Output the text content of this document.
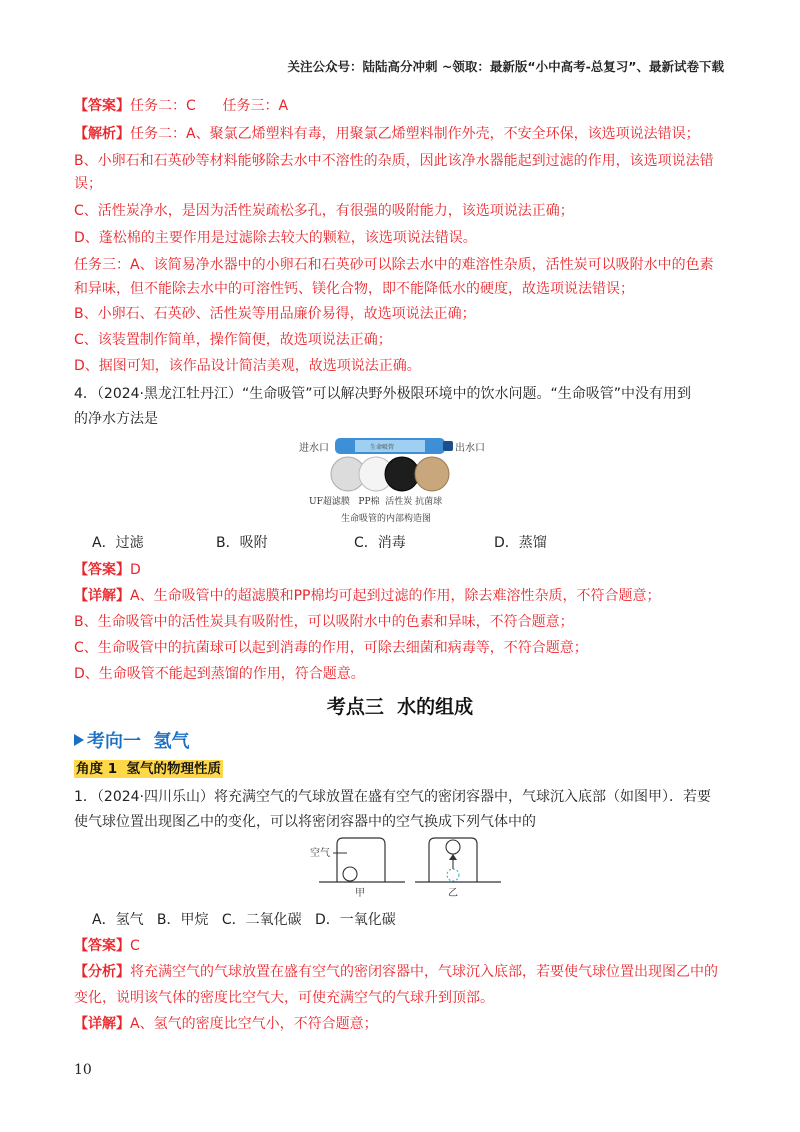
关注公众号：陆陆高分冲刺 ~领取：最新版“小中高考-总复习”、最新试卷下载
【答案】任务二：C      任务三：A
【解析】任务二：A、聚氯乙烯塑料有毒，用聚氯乙烯塑料制作外壳，不安全环保，该选项说法错误；
B、小卵石和石英砂等材料能够除去水中不溶性的杂质，因此该净水器能起到过滤的作用，该选项说法错
误；
C、活性炭净水，是因为活性炭疏松多孔，有很强的吸附能力，该选项说法正确；
D、蓬松棉的主要作用是过滤除去较大的颗粒，该选项说法错误。
任务三：A、该简易净水器中的小卵石和石英砂可以除去水中的难溶性杂质，活性炭可以吸附水中的色素
和异味，但不能除去水中的可溶性钙、镁化合物，即不能降低水的硬度，故选项说法错误；
B、小卵石、石英砂、活性炭等用品廉价易得，故选项说法正确；
C、该装置制作简单，操作简便，故选项说法正确；
D、据图可知，该作品设计简洁美观，故选项说法正确。
4．（2024·黑龙江牡丹江）“生命吸管”可以解决野外极限环境中的饮水问题。“生命吸管”中没有用到
的净水方法是
进水口	出水口
生命吸管
UF超滤膜   PP棉  活性炭 抗菌球
生命吸管的内部构造图
A．过滤	B．吸附	C．消毒	D．蒸馏
【答案】D
【详解】A、生命吸管中的超滤膜和PP棉均可起到过滤的作用，除去难溶性杂质，不符合题意；
B、生命吸管中的活性炭具有吸附性，可以吸附水中的色素和异味，不符合题意；
C、生命吸管中的抗菌球可以起到消毒的作用，可除去细菌和病毒等，不符合题意；
D、生命吸管不能起到蒸馏的作用，符合题意。
考点三  水的组成
考向一  氢气
角度 1  氢气的物理性质
1．（2024·四川乐山）将充满空气的气球放置在盛有空气的密闭容器中，气球沉入底部（如图甲）．若要
使气球位置出现图乙中的变化，可以将密闭容器中的空气换成下列气体中的
空气
甲	乙
A．氢气   B．甲烷   C．二氧化碳   D．一氧化碳
【答案】C
【分析】将充满空气的气球放置在盛有空气的密闭容器中，气球沉入底部，若要使气球位置出现图乙中的
变化，说明该气体的密度比空气大，可使充满空气的气球升到顶部。
【详解】A、氢气的密度比空气小，不符合题意；
10
